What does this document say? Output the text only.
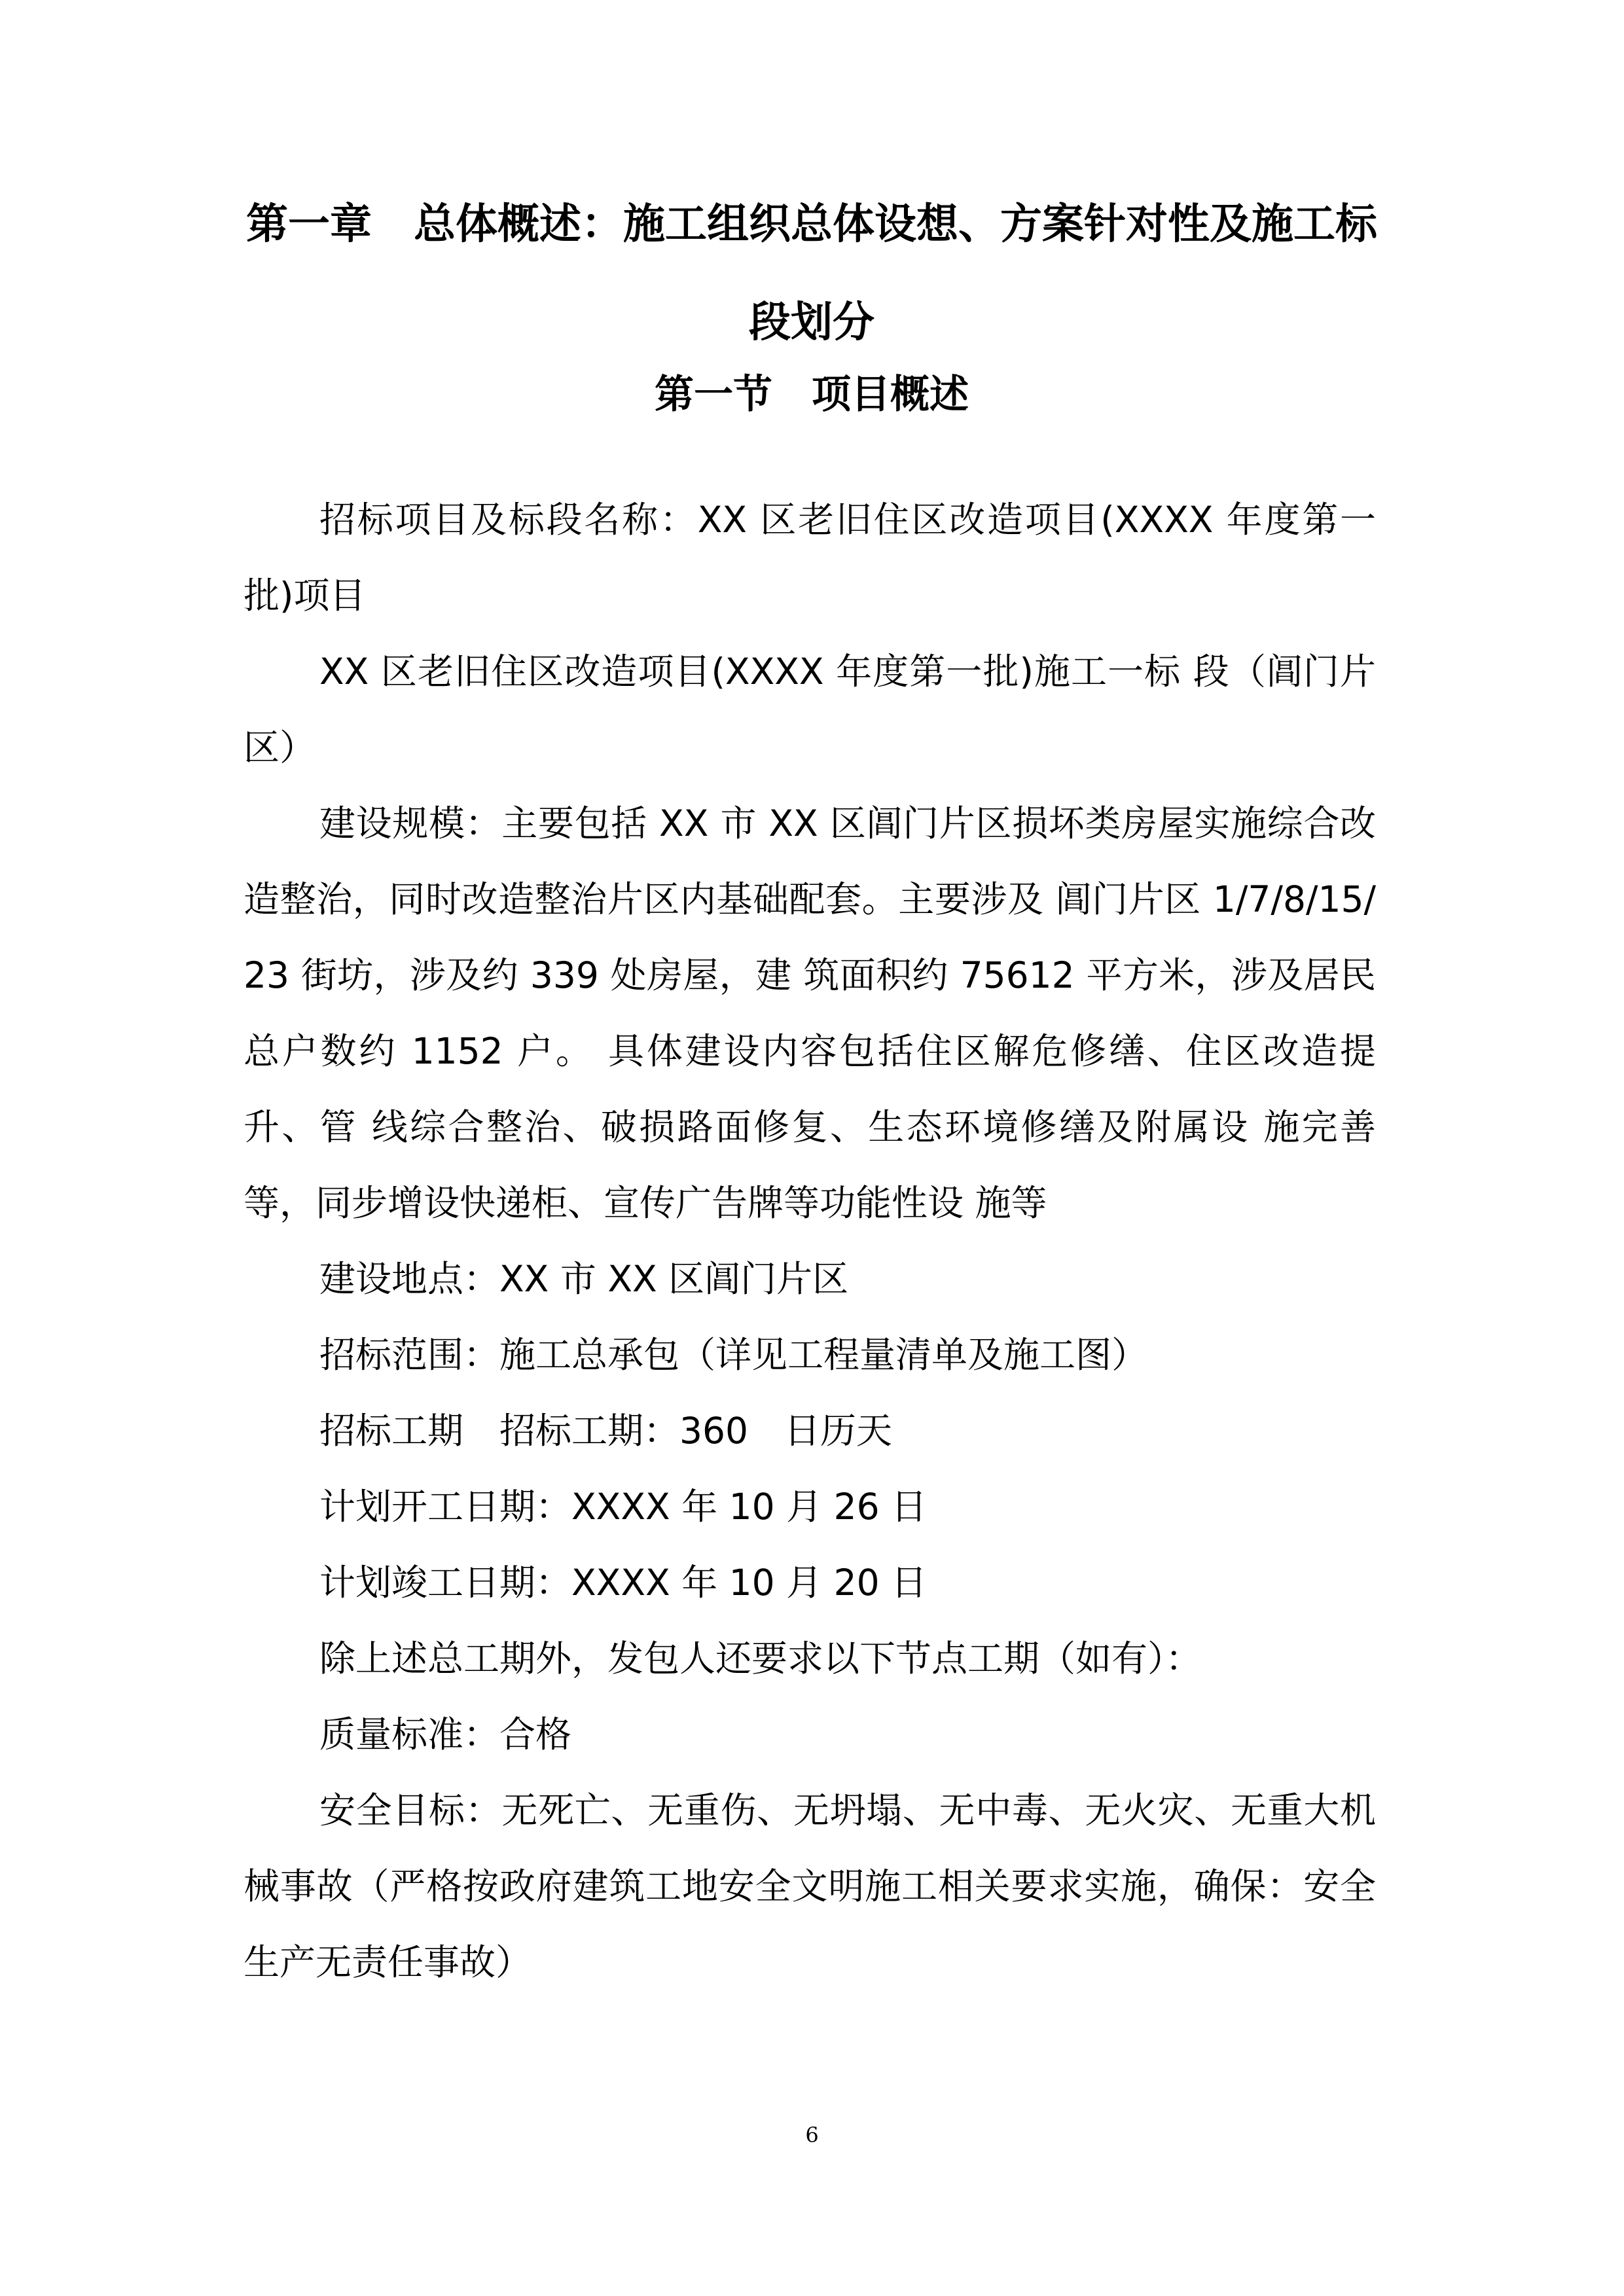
第一章　总体概述：施工组织总体设想、方案针对性及施工标段划分
第一节　项目概述

招标项目及标段名称：XX 区老旧住区改造项目(XXXX 年度第一批)项目

XX 区老旧住区改造项目(XXXX 年度第一批)施工一标 段（阊门片区）

建设规模：主要包括 XX 市 XX 区阊门片区损坏类房屋实施综合改造整治，同时改造整治片区内基础配套。主要涉及 阊门片区 1/7/8/15/23 街坊，涉及约 339 处房屋，建 筑面积约 75612 平方米，涉及居民总户数约 1152 户。 具体建设内容包括住区解危修缮、住区改造提升、管 线综合整治、破损路面修复、生态环境修缮及附属设 施完善等，同步增设快递柜、宣传广告牌等功能性设 施等

建设地点：XX 市 XX 区阊门片区

招标范围：施工总承包（详见工程量清单及施工图）

招标工期　招标工期：360　日历天

计划开工日期：XXXX 年 10 月 26 日

计划竣工日期：XXXX 年 10 月 20 日

除上述总工期外，发包人还要求以下节点工期（如有）：

质量标准：合格

安全目标：无死亡、无重伤、无坍塌、无中毒、无火灾、无重大机械事故（严格按政府建筑工地安全文明施工相关要求实施，确保：安全生产无责任事故）

6
